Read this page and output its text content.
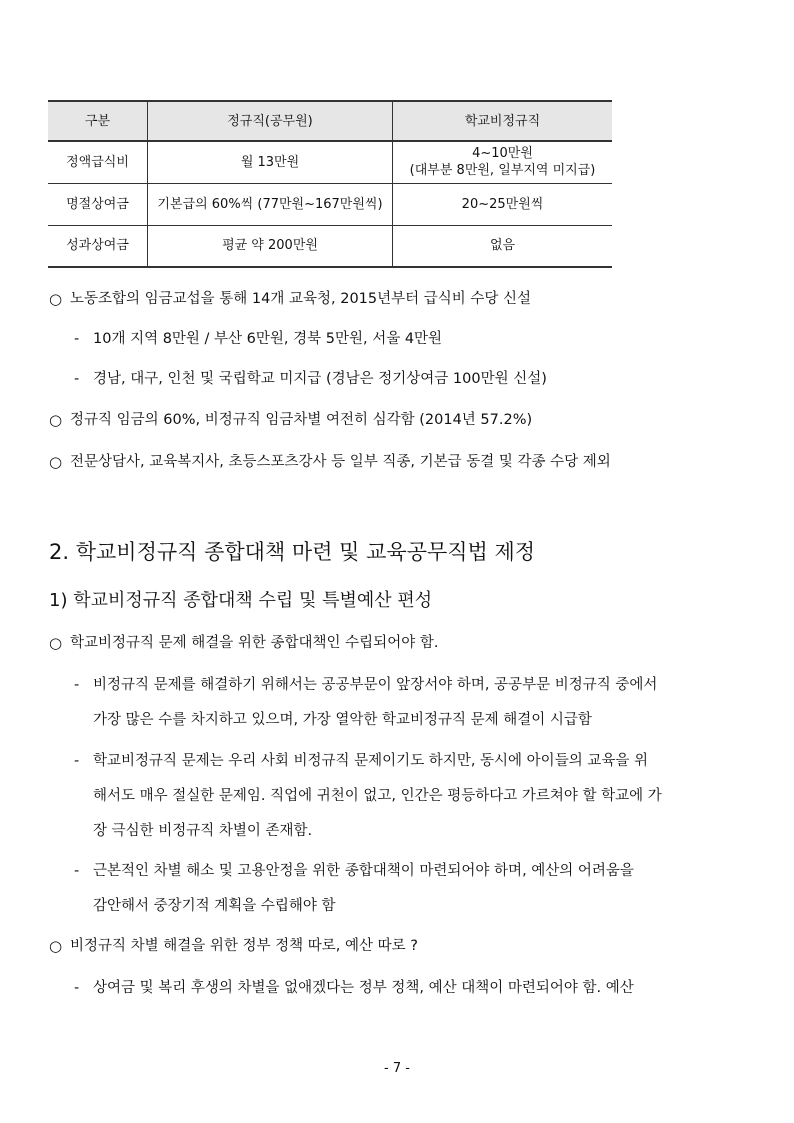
구분	정규직(공무원)	학교비정규직
정액급식비	월 13만원	4~10만원
(대부분 8만원, 일부지역 미지급)

명절상여금	기본급의 60%씩 (77만원~167만원씩)	20~25만원씩
성과상여금	평균 약 200만원	없음
○ 노동조합의 임금교섭을 통해 14개 교육청, 2015년부터 급식비 수당 신설
- 10개 지역 8만원 / 부산 6만원, 경북 5만원, 서울 4만원
- 경남, 대구, 인천 및 국립학교 미지급 (경남은 정기상여금 100만원 신설)
○ 정규직 임금의 60%, 비정규직 임금차별 여전히 심각함 (2014년 57.2%)
○ 전문상담사, 교육복지사, 초등스포츠강사 등 일부 직종, 기본급 동결 및 각종 수당 제외
2. 학교비정규직 종합대책 마련 및 교육공무직법 제정
1) 학교비정규직 종합대책 수립 및 특별예산 편성
○ 학교비정규직 문제 해결을 위한 종합대책인 수립되어야 함.
- 비정규직 문제를 해결하기 위해서는 공공부문이 앞장서야 하며, 공공부문 비정규직 중에서
가장 많은 수를 차지하고 있으며, 가장 열악한 학교비정규직 문제 해결이 시급함
- 학교비정규직 문제는 우리 사회 비정규직 문제이기도 하지만, 동시에 아이들의 교육을 위
해서도 매우 절실한 문제임. 직업에 귀천이 없고, 인간은 평등하다고 가르쳐야 할 학교에 가
장 극심한 비정규직 차별이 존재함.
- 근본적인 차별 해소 및 고용안정을 위한 종합대책이 마련되어야 하며, 예산의 어려움을
감안해서 중장기적 계획을 수립해야 함
○ 비정규직 차별 해결을 위한 정부 정책 따로, 예산 따로 ?
- 상여금 및 복리 후생의 차별을 없애겠다는 정부 정책, 예산 대책이 마련되어야 함. 예산
- 7 -
